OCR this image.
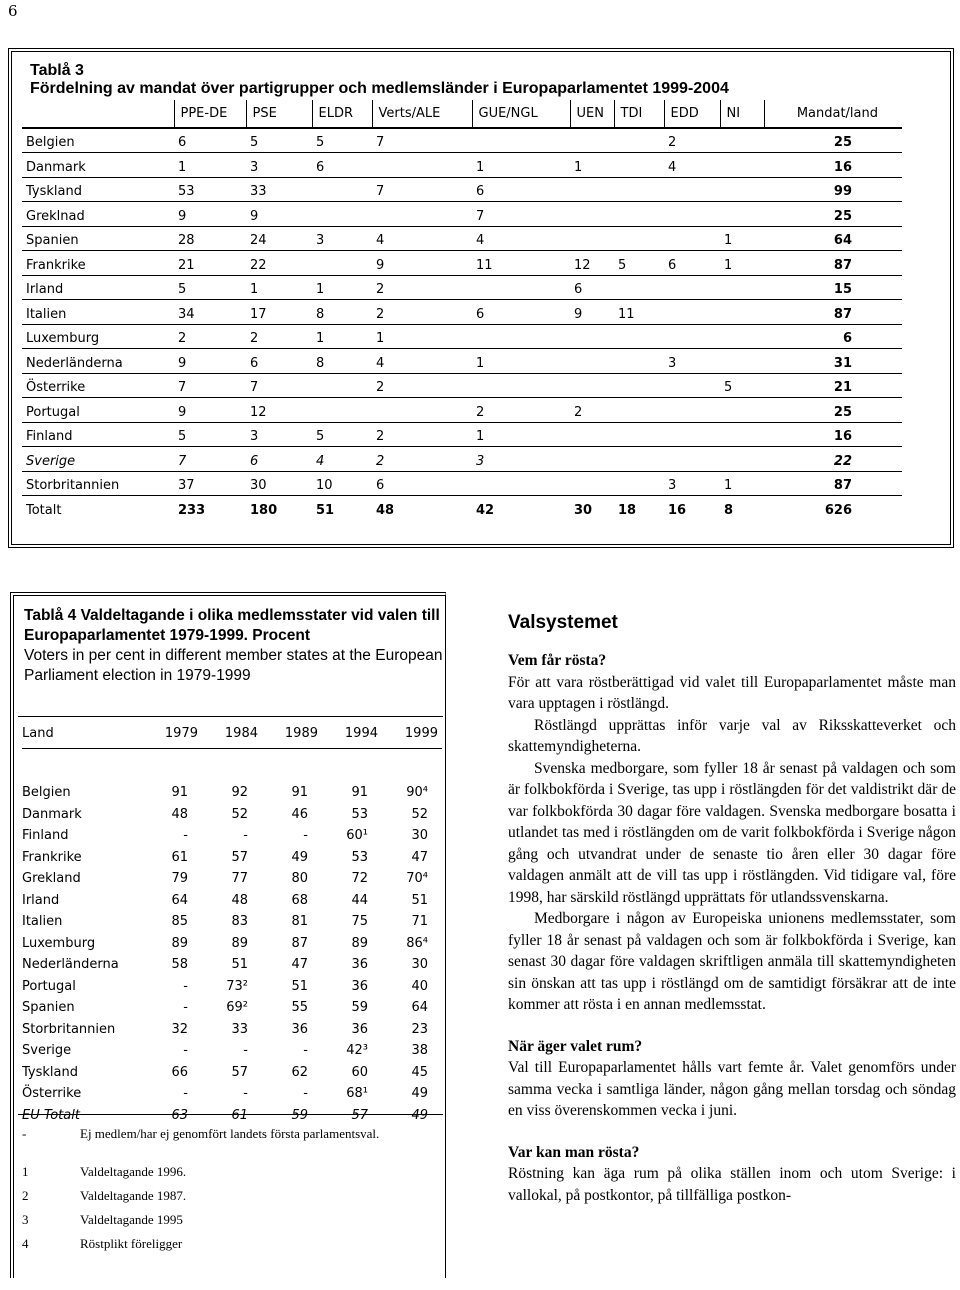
6
Tablå 3
Fördelning av mandat över partigrupper och medlemsländer i Europaparlamentet 1999-2004
	PPE-DE	PSE	ELDR	Verts/ALE	GUE/NGL	UEN	TDI	EDD	NI	Mandat/land
Belgien	6	5	5	7				2		25
Danmark	1	3	6		1	1		4		16
Tyskland	53	33		7	6					99
Greklnad	9	9			7					25
Spanien	28	24	3	4	4				1	64
Frankrike	21	22		9	11	12	5	6	1	87
Irland	5	1	1	2		6				15
Italien	34	17	8	2	6	9	11			87
Luxemburg	2	2	1	1						6
Nederländerna	9	6	8	4	1			3		31
Österrike	7	7		2					5	21
Portugal	9	12			2	2				25
Finland	5	3	5	2	1					16
Sverige	7	6	4	2	3					22
Storbritannien	37	30	10	6				3	1	87
Totalt	233	180	51	48	42	30	18	16	8	626
Tablå 4 Valdeltagande i olika medlemsstater vid valen till Europaparlamentet 1979-1999. Procent
Voters in per cent in different member states at the European Parliament election in 1979-1999
Land	1979	1984	1989	1994	1999

Belgien	91	92	91	91	90⁴
Danmark	48	52	46	53	52
Finland	-	-	-	60¹	30
Frankrike	61	57	49	53	47
Grekland	79	77	80	72	70⁴
Irland	64	48	68	44	51
Italien	85	83	81	75	71
Luxemburg	89	89	87	89	86⁴
Nederländerna	58	51	47	36	30
Portugal	-	73²	51	36	40
Spanien	-	69²	55	59	64
Storbritannien	32	33	36	36	23
Sverige	-	-	-	42³	38
Tyskland	66	57	62	60	45
Österrike	-	-	-	68¹	49
EU Totalt	63	61	59	57	49
-	Ej medlem/har ej genomfört landets första parlamentsval.
1	Valdeltagande 1996.
2	Valdeltagande 1987.
3	Valdeltagande 1995
4	Röstplikt föreligger
Valsystemet
Vem får rösta?

För att vara röstberättigad vid valet till Europaparlamentet måste man vara upptagen i röstlängd.

Röstlängd upprättas inför varje val av Riksskatteverket och skattemyndigheterna.

Svenska medborgare, som fyller 18 år senast på valdagen och som är folkbokförda i Sverige, tas upp i röstlängden för det valdistrikt där de var folkbokförda 30 dagar före valdagen. Svenska medborgare bosatta i utlandet tas med i röstlängden om de varit folkbokförda i Sverige någon gång och utvandrat under de senaste tio åren eller 30 dagar före valdagen anmält att de vill tas upp i röstlängden. Vid tidigare val, före 1998, har särskild röstlängd upprättats för utlandssvenskarna.

Medborgare i någon av Europeiska unionens medlemsstater, som fyller 18 år senast på valdagen och som är folkbokförda i Sverige, kan senast 30 dagar före valdagen skriftligen anmäla till skattemyndigheten sin önskan att tas upp i röstlängd om de samtidigt försäkrar att de inte kommer att rösta i en annan medlemsstat.

När äger valet rum?

Val till Europaparlamentet hålls vart femte år. Valet genomförs under samma vecka i samtliga länder, någon gång mellan torsdag och söndag en viss överenskommen vecka i juni.

Var kan man rösta?

Röstning kan äga rum på olika ställen inom och utom Sverige: i vallokal, på postkontor, på tillfälliga postkon-
